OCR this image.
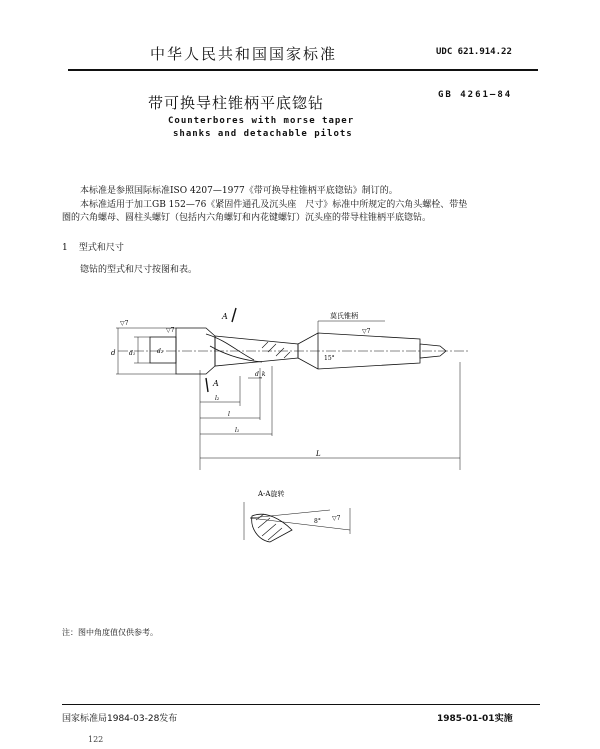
中华人民共和国国家标准	UDC 621.914.22
带可换导柱锥柄平底锪钻	GB 4261—84
Counterbores with morse taper
shanks and detachable pilots
本标准是参照国际标准ISO 4207—1977《带可换导柱锥柄平底锪钻》制订的。
本标准适用于加工GB 152—76《紧固件通孔及沉头座　尺寸》标准中所规定的六角头螺栓、带垫
圈的六角螺母、圆柱头螺钉（包括内六角螺钉和内花键螺钉）沉头座的带导柱锥柄平底锪钻。
1 型式和尺寸
锪钻的型式和尺寸按图和表。
A
A
莫氏锥柄
d d₁	d₂
d_k
l₂
l
l₁
L
15°
▽7
▽7
▽7
A-A旋转
8° ▽7
注：图中角度值仅供参考。
国家标准局1984-03-28发布	1985-01-01实施
122
